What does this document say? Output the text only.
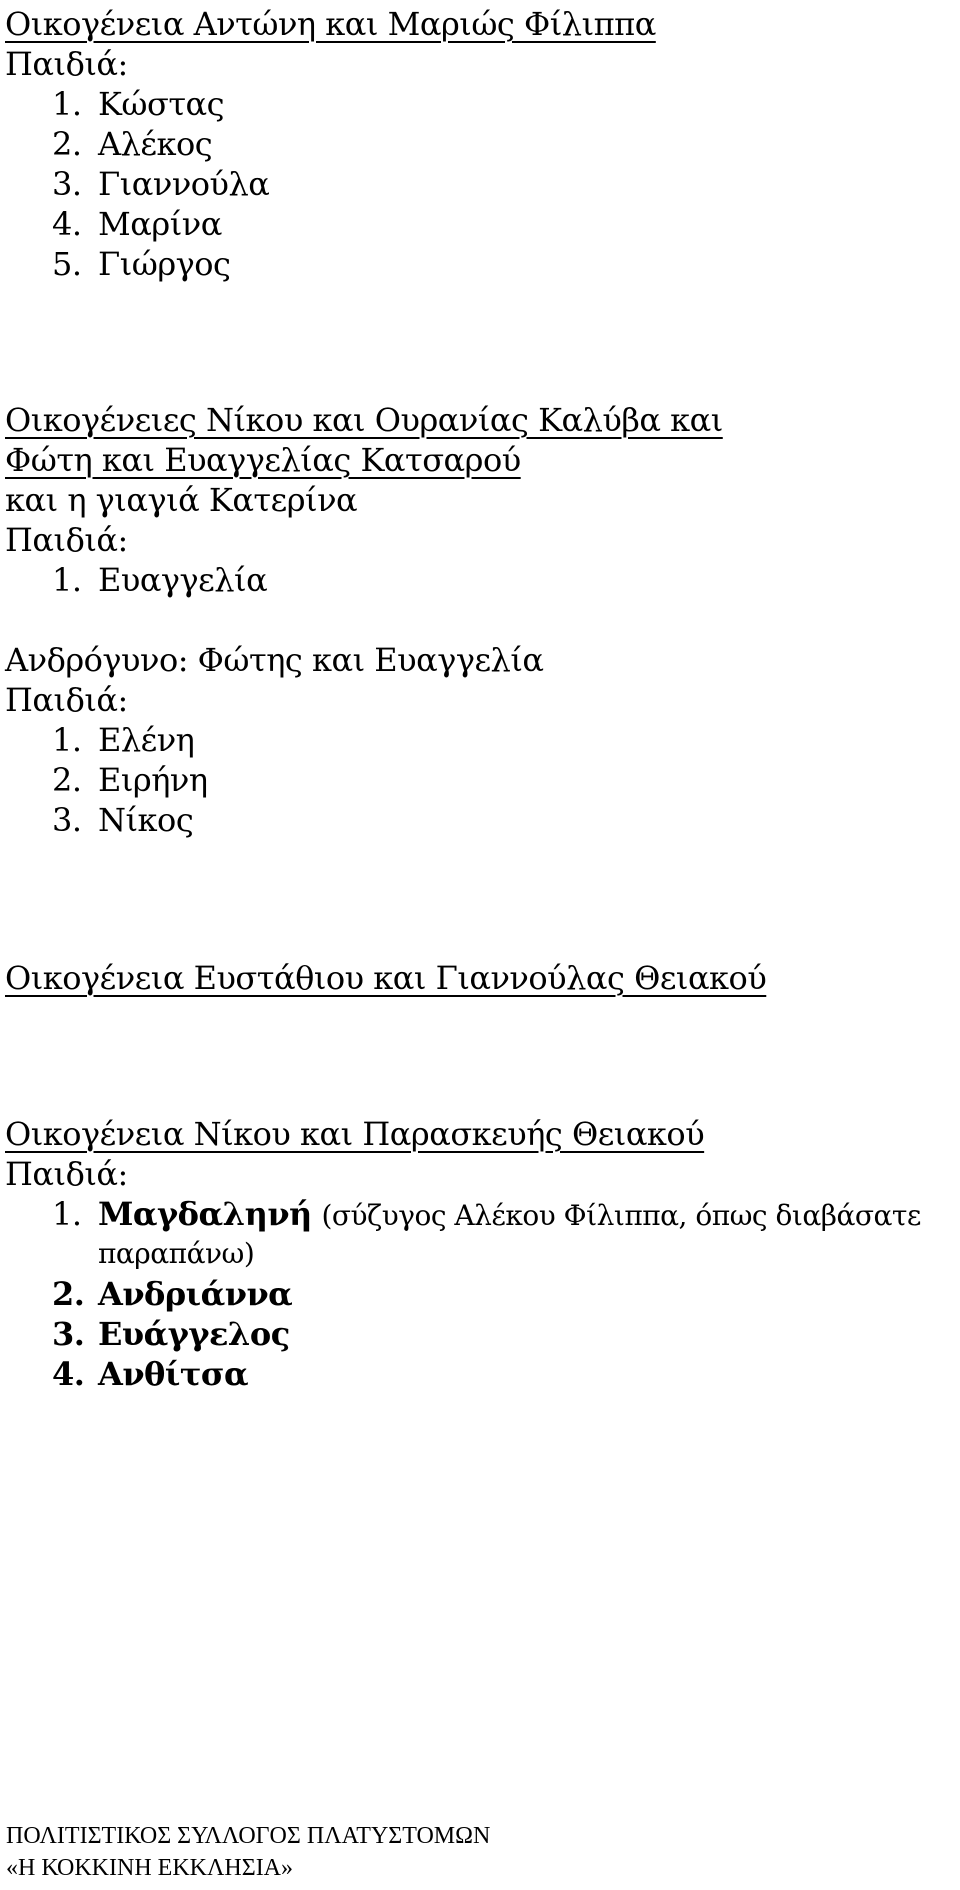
Οικογένεια Αντώνη και Μαριώς Φίλιππα
Παιδιά:
1. Κώστας
2. Αλέκος
3. Γιαννούλα
4. Μαρίνα
5. Γιώργος
Οικογένειες Νίκου και Ουρανίας Καλύβα και
Φώτη και Ευαγγελίας Κατσαρού
και η γιαγιά Κατερίνα
Παιδιά:
1. Ευαγγελία
Ανδρόγυνο: Φώτης και Ευαγγελία
Παιδιά:
1. Ελένη
2. Ειρήνη
3. Νίκος
Οικογένεια Ευστάθιου και Γιαννούλας Θειακού
Οικογένεια Νίκου και Παρασκευής Θειακού
Παιδιά:
1. Μαγδαληνή (σύζυγος Αλέκου Φίλιππα, όπως διαβάσατε
παραπάνω)
2. Ανδριάννα
3. Ευάγγελος
4. Ανθίτσα
ΠΟΛΙΤΙΣΤΙΚΟΣ ΣΥΛΛΟΓΟΣ ΠΛΑΤΥΣΤΟΜΩΝ
«Η ΚΟΚΚΙΝΗ ΕΚΚΛΗΣΙΑ»
